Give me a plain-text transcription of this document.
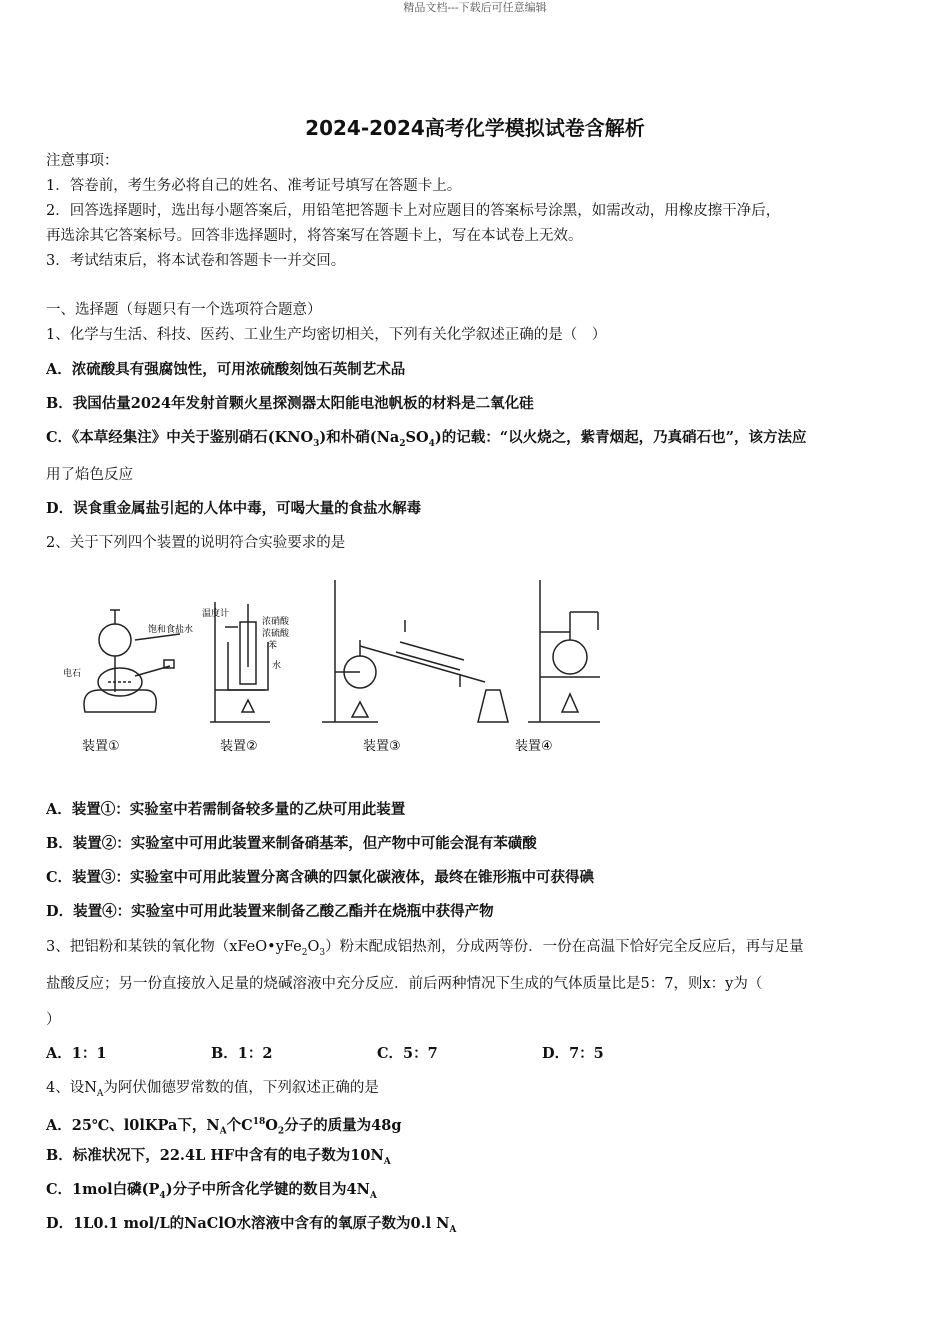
精品文档---下载后可任意编辑
2024-2024高考化学模拟试卷含解析
注意事项：
1．答卷前，考生务必将自己的姓名、准考证号填写在答题卡上。
2．回答选择题时，选出每小题答案后，用铅笔把答题卡上对应题目的答案标号涂黑，如需改动，用橡皮擦干净后，
再选涂其它答案标号。回答非选择题时，将答案写在答题卡上，写在本试卷上无效。
3．考试结束后，将本试卷和答题卡一并交回。
一、选择题（每题只有一个选项符合题意）
1、化学与生活、科技、医药、工业生产均密切相关，下列有关化学叙述正确的是（　）
A．浓硫酸具有强腐蚀性，可用浓硫酸刻蚀石英制艺术品
B．我国估量2024年发射首颗火星探测器太阳能电池帆板的材料是二氧化硅
C．《本草经集注》中关于鉴别硝石$(KNO_3)$和朴硝$(Na_2SO_4)$的记载：“以火烧之，紫青烟起，乃真硝石也”，该方法应
用了焰色反应
D．误食重金属盐引起的人体中毒，可喝大量的食盐水解毒
2、关于下列四个装置的说明符合实验要求的是
饱和食盐水
电石
温度计
浓硝酸
浓硫酸
苯
水
装置①	装置②	装置③	装置④
A．装置①：实验室中若需制备较多量的乙炔可用此装置
B．装置②：实验室中可用此装置来制备硝基苯，但产物中可能会混有苯磺酸
C．装置③：实验室中可用此装置分离含碘的四氯化碳液体，最终在锥形瓶中可获得碘
D．装置④：实验室中可用此装置来制备乙酸乙酯并在烧瓶中获得产物
3、把铝粉和某铁的氧化物$(xFeO•yFe_2O_3)$粉末配成铝热剂，分成两等份．一份在高温下恰好完全反应后，再与足量
盐酸反应；另一份直接放入足量的烧碱溶液中充分反应．前后两种情况下生成的气体质量比是5：7，则x：y为（
）
A．1：1	B．1：2	C．5：7	D．7：5
4、设$N_A$为阿伏伽德罗常数的值，下列叙述正确的是
A．25℃、l0lKPa下，$N_A$个$C^{18}O_2$分子的质量为48g
B．标准状况下，22.4L HF中含有的电子数为$10N_A$
C．1mol白磷$(P_4)$分子中所含化学键的数目为$4N_A$
D．1L0.1 mol/L的NaClO水溶液中含有的氧原子数为0.l $N_A$
